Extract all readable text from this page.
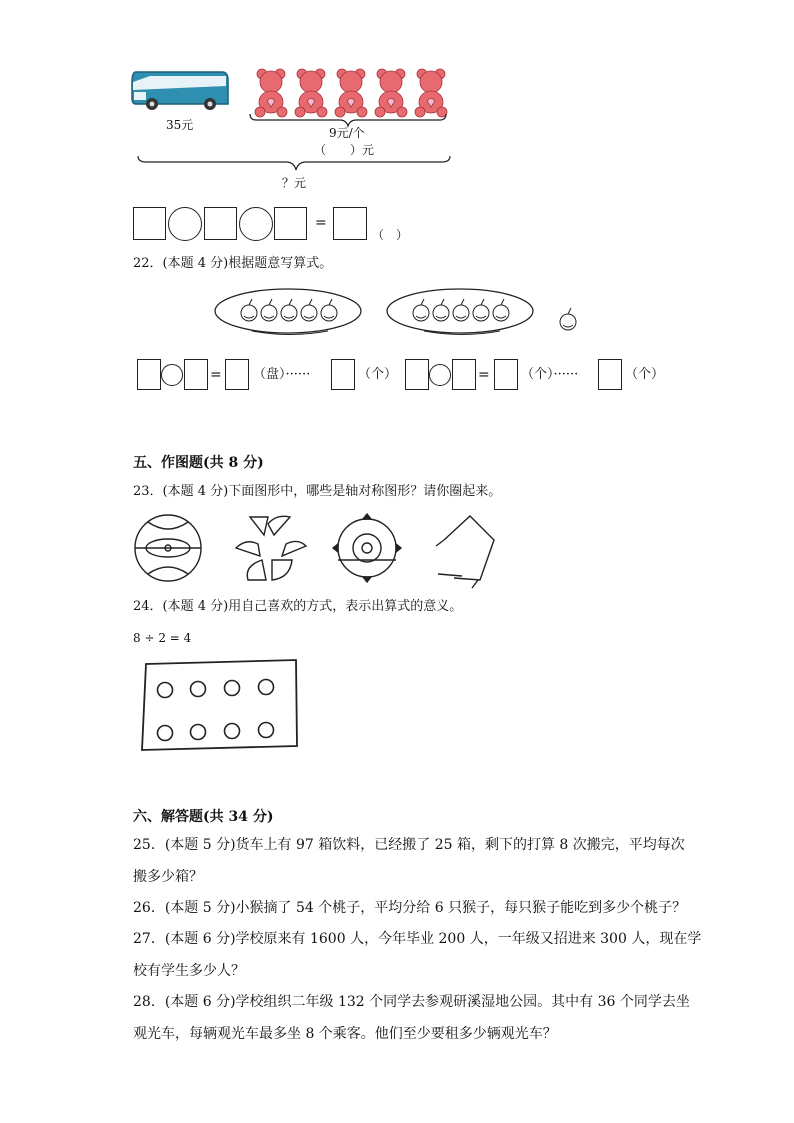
35元
9元/个
（　　）元
？元
=
（　）
22．(本题 4 分)根据题意写算式。
= （盘）······	（个）	= （个）······	（个）
五、作图题(共 8 分)
23．(本题 4 分)下面图形中，哪些是轴对称图形？请你圈起来。
24．(本题 4 分)用自己喜欢的方式，表示出算式的意义。
8 ÷ 2 = 4
六、解答题(共 34 分)
25．(本题 5 分)货车上有 97 箱饮料，已经搬了 25 箱，剩下的打算 8 次搬完，平均每次
搬多少箱？
26．(本题 5 分)小猴摘了 54 个桃子，平均分给 6 只猴子，每只猴子能吃到多少个桃子？
27．(本题 6 分)学校原来有 1600 人，今年毕业 200 人，一年级又招进来 300 人，现在学
校有学生多少人？
28．(本题 6 分)学校组织二年级 132 个同学去参观研溪湿地公园。其中有 36 个同学去坐
观光车，每辆观光车最多坐 8 个乘客。他们至少要租多少辆观光车？
